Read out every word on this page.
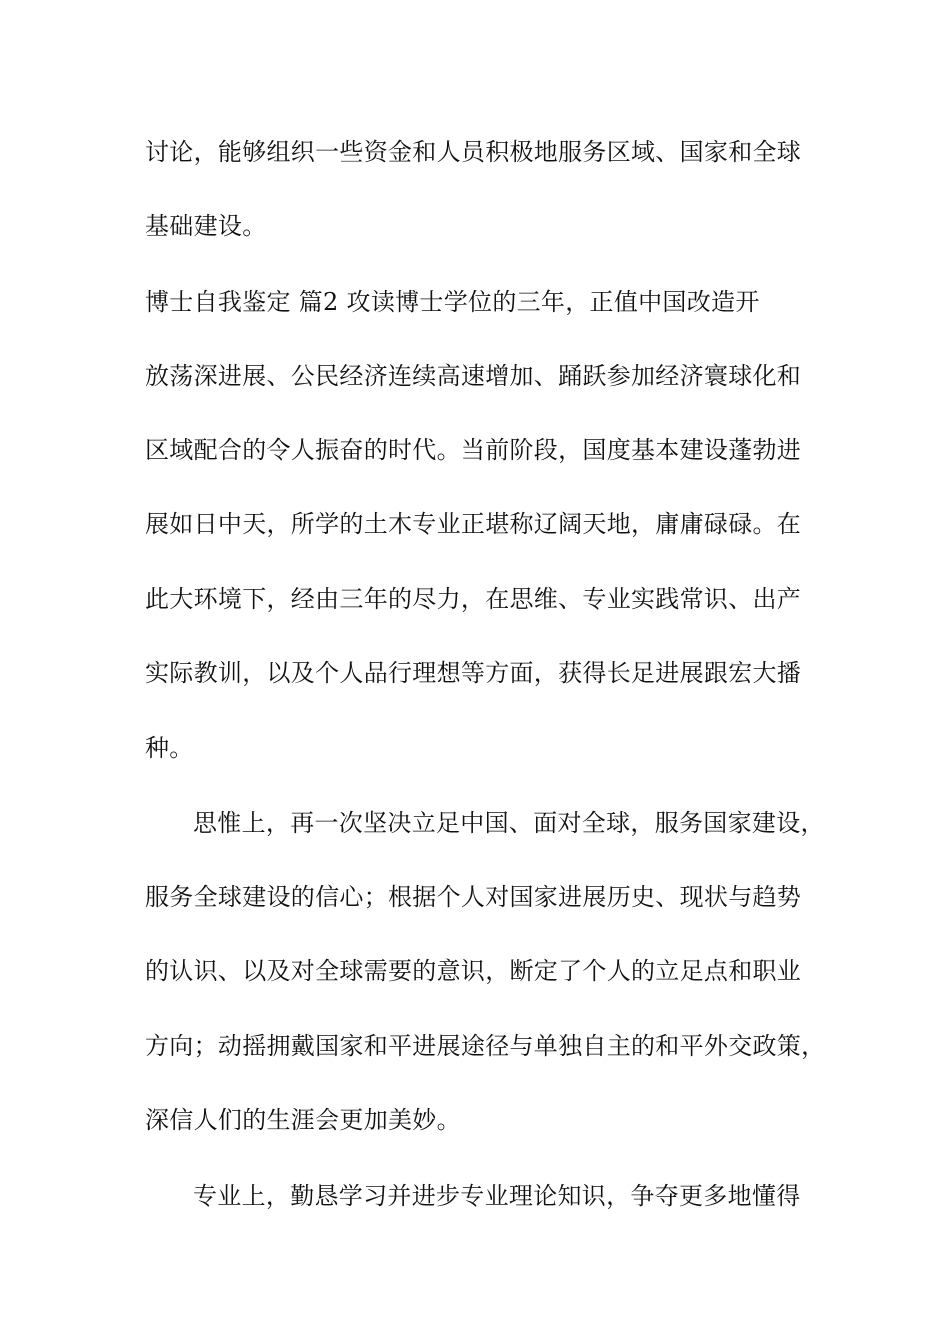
讨论，能够组织一些资金和人员积极地服务区域、国家和全球
基础建设。
博士自我鉴定 篇2 攻读博士学位的三年，正值中国改造开
放荡深进展、公民经济连续高速增加、踊跃参加经济寰球化和
区域配合的令人振奋的时代。当前阶段，国度基本建设蓬勃进
展如日中天，所学的土木专业正堪称辽阔天地，庸庸碌碌。在
此大环境下，经由三年的尽力，在思维、专业实践常识、出产
实际教训，以及个人品行理想等方面，获得长足进展跟宏大播
种。
思惟上，再一次坚决立足中国、面对全球，服务国家建设，
服务全球建设的信心；根据个人对国家进展历史、现状与趋势
的认识、以及对全球需要的意识，断定了个人的立足点和职业
方向；动摇拥戴国家和平进展途径与单独自主的和平外交政策，
深信人们的生涯会更加美妙。
专业上，勤恳学习并进步专业理论知识，争夺更多地懂得
